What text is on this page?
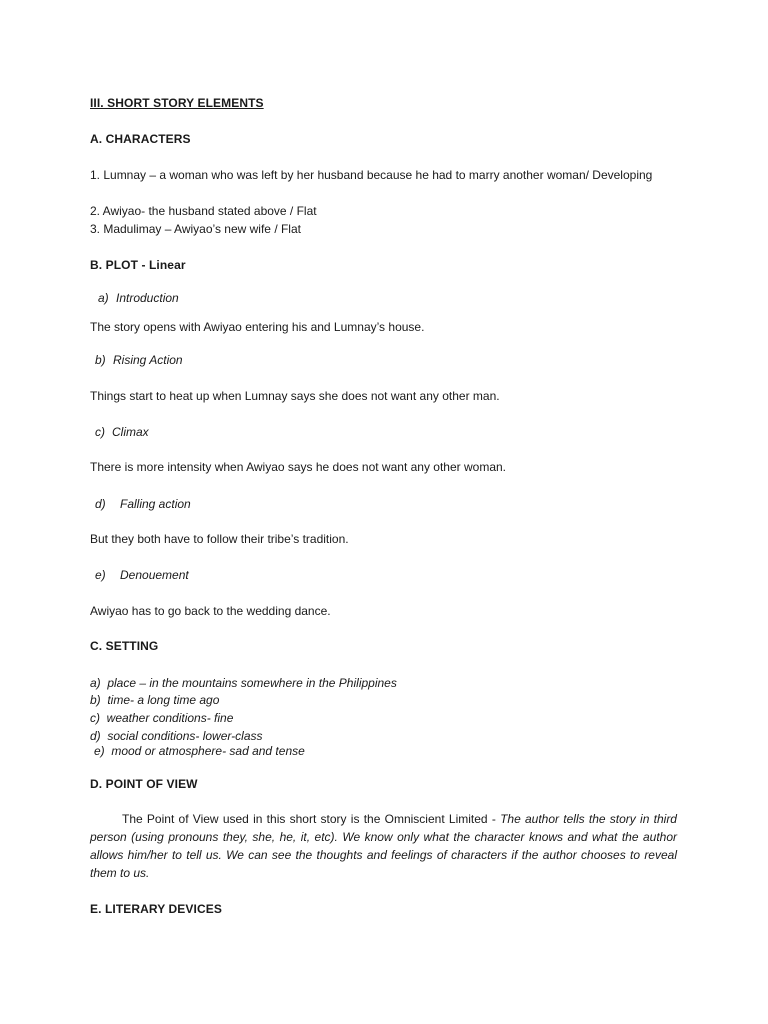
III. SHORT STORY ELEMENTS
A. CHARACTERS
1. Lumnay – a woman who was left by her husband because he had to marry another woman/ Developing
2. Awiyao- the husband stated above / Flat
3. Madulimay – Awiyao’s new wife / Flat
B. PLOT - Linear
a) Introduction
The story opens with Awiyao entering his and Lumnay’s house.
b) Rising Action
Things start to heat up when Lumnay says she does not want any other man.
c) Climax
There is more intensity when Awiyao says he does not want any other woman.
d) Falling action
But they both have to follow their tribe’s tradition.
e) Denouement
Awiyao has to go back to the wedding dance.
C. SETTING
a)  place – in the mountains somewhere in the Philippines
b)  time- a long time ago
c)  weather conditions- fine
d)  social conditions- lower-class
e)  mood or atmosphere- sad and tense
D. POINT OF VIEW

The Point of View used in this short story is the Omniscient Limited - The author tells the story in third person (using pronouns they, she, he, it, etc). We know only what the character knows and what the author allows him/her to tell us. We can see the thoughts and feelings of characters if the author chooses to reveal them to us.

E. LITERARY DEVICES
